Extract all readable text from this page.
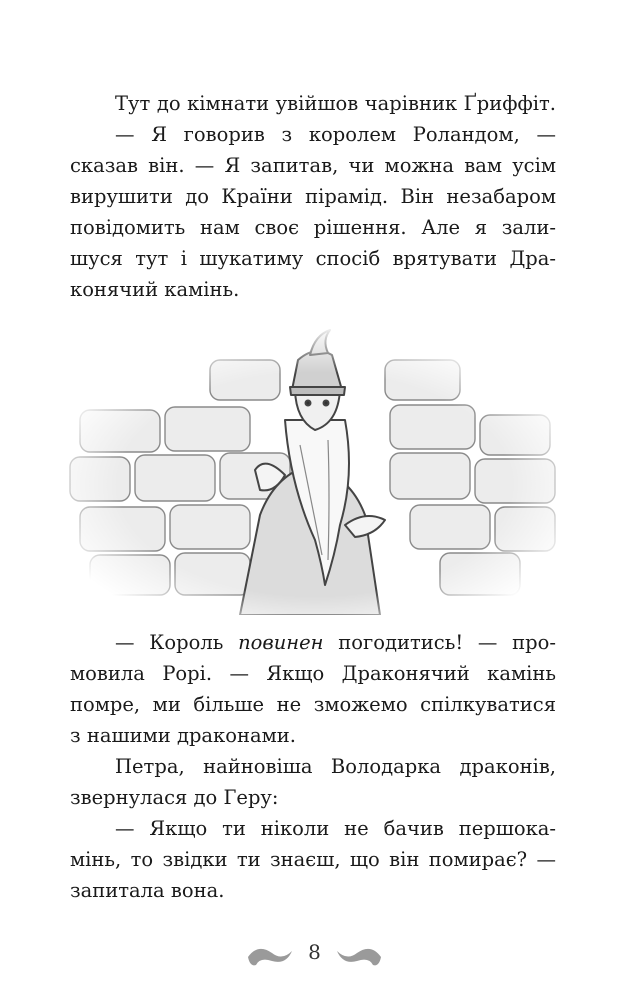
Тут до кімнати увійшов чарівник Ґриффіт.
— Я говорив з королем Роландом, —
сказав він. — Я запитав, чи можна вам усім
вирушити до Країни пірамід. Він незабаром
повідомить нам своє рішення. Але я зали-
шуся тут і шукатиму спосіб врятувати Дра-
конячий камінь.
— Король повинен погодитись! — про-
мовила Рорі. — Якщо Драконячий камінь
помре, ми більше не зможемо спілкуватися
з нашими драконами.
Петра, найновіша Володарка драконів,
звернулася до Геру:
— Якщо ти ніколи не бачив першока-
мінь, то звідки ти знаєш, що він помирає? —
запитала вона.
8
